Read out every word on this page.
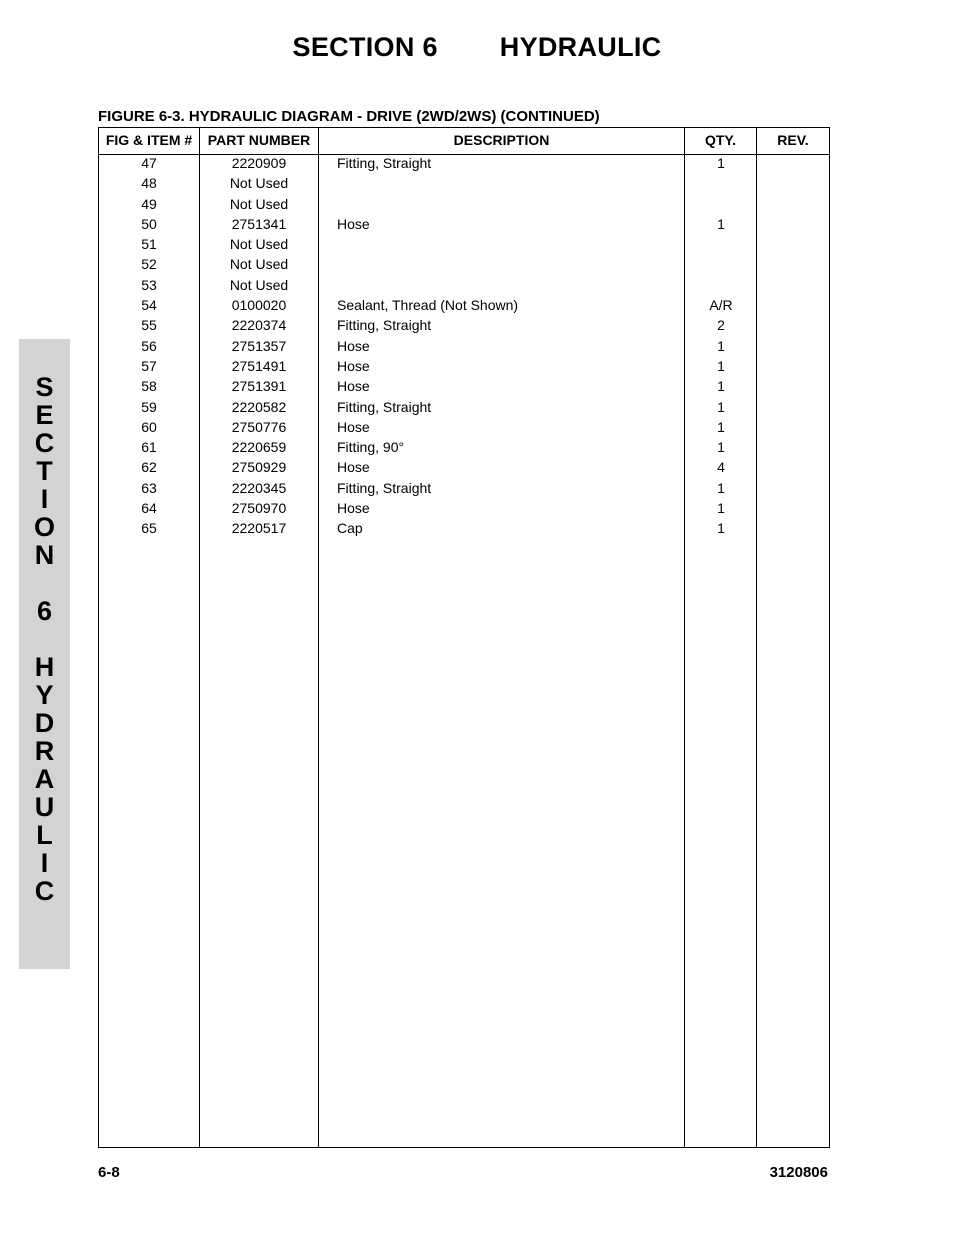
SECTION 6 HYDRAULIC
FIGURE 6-3. HYDRAULIC DIAGRAM - DRIVE (2WD/2WS) (CONTINUED)
S
E
C
T
I
O
N
6
H
Y
D
R
A
U
L
I
C
FIG & ITEM #	PART NUMBER	DESCRIPTION	QTY.	REV.
47	2220909	Fitting, Straight	1
48	Not Used
49	Not Used
50	2751341	Hose	1
51	Not Used
52	Not Used
53	Not Used
54	0100020	Sealant, Thread (Not Shown)	A/R
55	2220374	Fitting, Straight	2
56	2751357	Hose	1
57	2751491	Hose	1
58	2751391	Hose	1
59	2220582	Fitting, Straight	1
60	2750776	Hose	1
61	2220659	Fitting, 90°	1
62	2750929	Hose	4
63	2220345	Fitting, Straight	1
64	2750970	Hose	1
65	2220517	Cap	1
6-8	3120806
